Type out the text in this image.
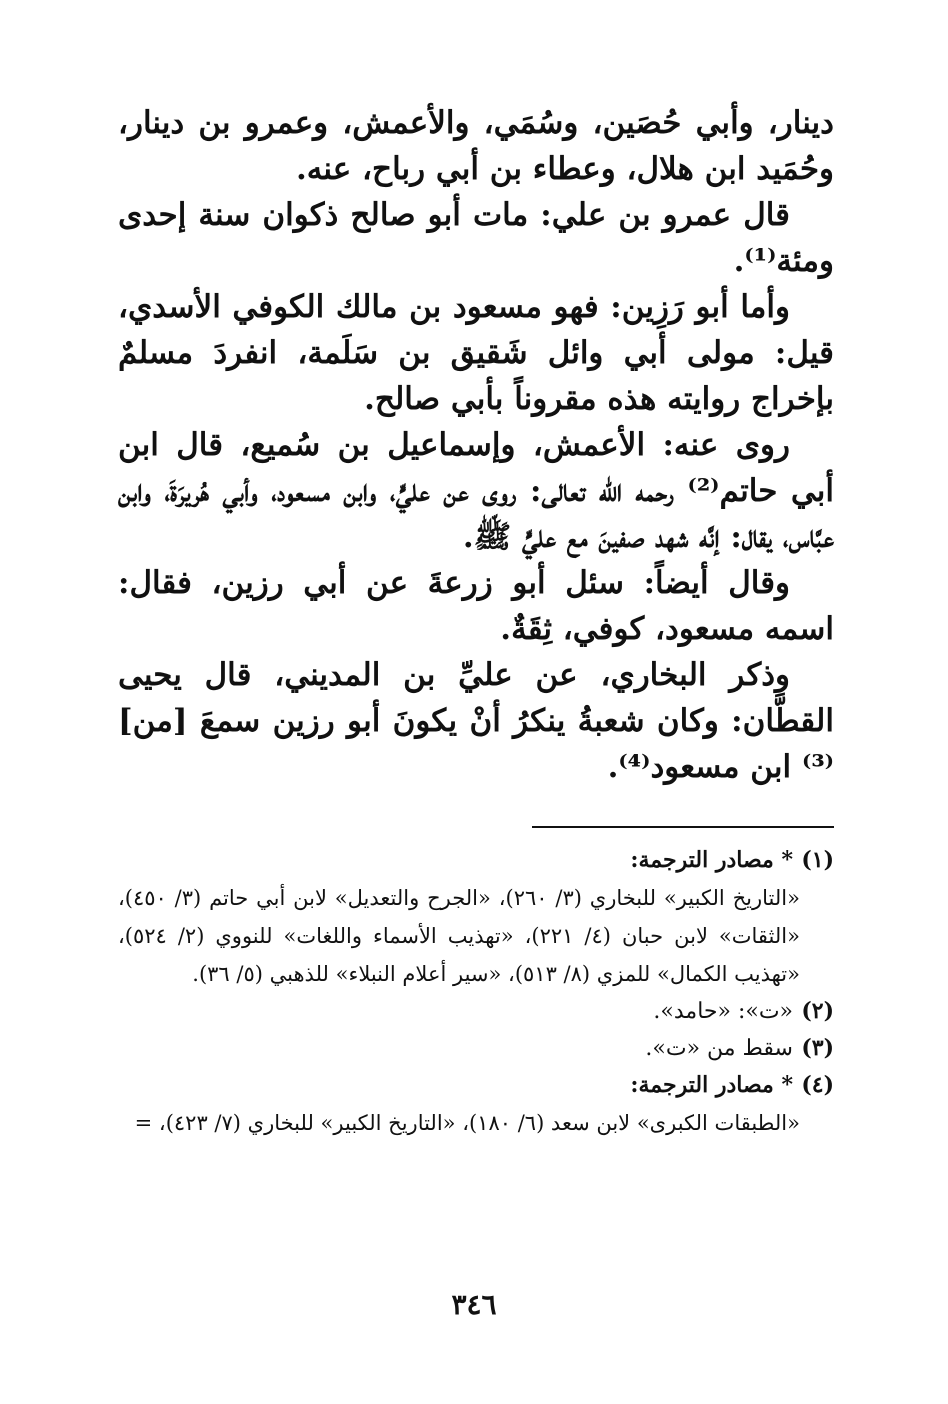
دينار، وأبي حُصَين، وسُمَي، والأعمش، وعمرو بن دينار، وحُمَيد ابن هلال، وعطاء بن أبي رباح، عنه.

قال عمرو بن علي: مات أبو صالح ذكوان سنة إحدى ومئة⁽¹⁾.

وأما أبو رَزِين: فهو مسعود بن مالك الكوفي الأسدي، قيل: مولى أبي وائل شَقيق بن سَلَمة، انفردَ مسلمٌ بإخراج روايته هذه مقروناً بأبي صالح.

روى عنه: الأعمش، وإسماعيل بن سُميع، قال ابن أبي حاتم⁽²⁾ رحمه الله تعالى: روى عن عليٍّ، وابن مسعود، وأبي هُريرَةَ، وابن عبَّاس، يقال: إنَّه شهد صفينَ مع عليٍّ ﷺ.

وقال أيضاً: سئل أبو زرعةَ عن أبي رزين، فقال: اسمه مسعود، كوفي، ثِقَةٌ.

وذكر البخاري، عن عليِّ بن المديني، قال يحيى القطَّان: وكان شعبةُ ينكرُ أنْ يكونَ أبو رزين سمعَ [من]⁽³⁾ ابن مسعود⁽⁴⁾.

(١) * مصادر الترجمة:

«التاريخ الكبير» للبخاري (٣/ ٢٦٠)، «الجرح والتعديل» لابن أبي حاتم (٣/ ٤٥٠)، «الثقات» لابن حبان (٤/ ٢٢١)، «تهذيب الأسماء واللغات» للنووي (٢/ ٥٢٤)، «تهذيب الكمال» للمزي (٨/ ٥١٣)، «سير أعلام النبلاء» للذهبي (٥/ ٣٦).

(٢) «ت»: «حامد».

(٣) سقط من «ت».

(٤) * مصادر الترجمة:

«الطبقات الكبرى» لابن سعد (٦/ ١٨٠)، «التاريخ الكبير» للبخاري (٧/ ٤٢٣)، =

٣٤٦
